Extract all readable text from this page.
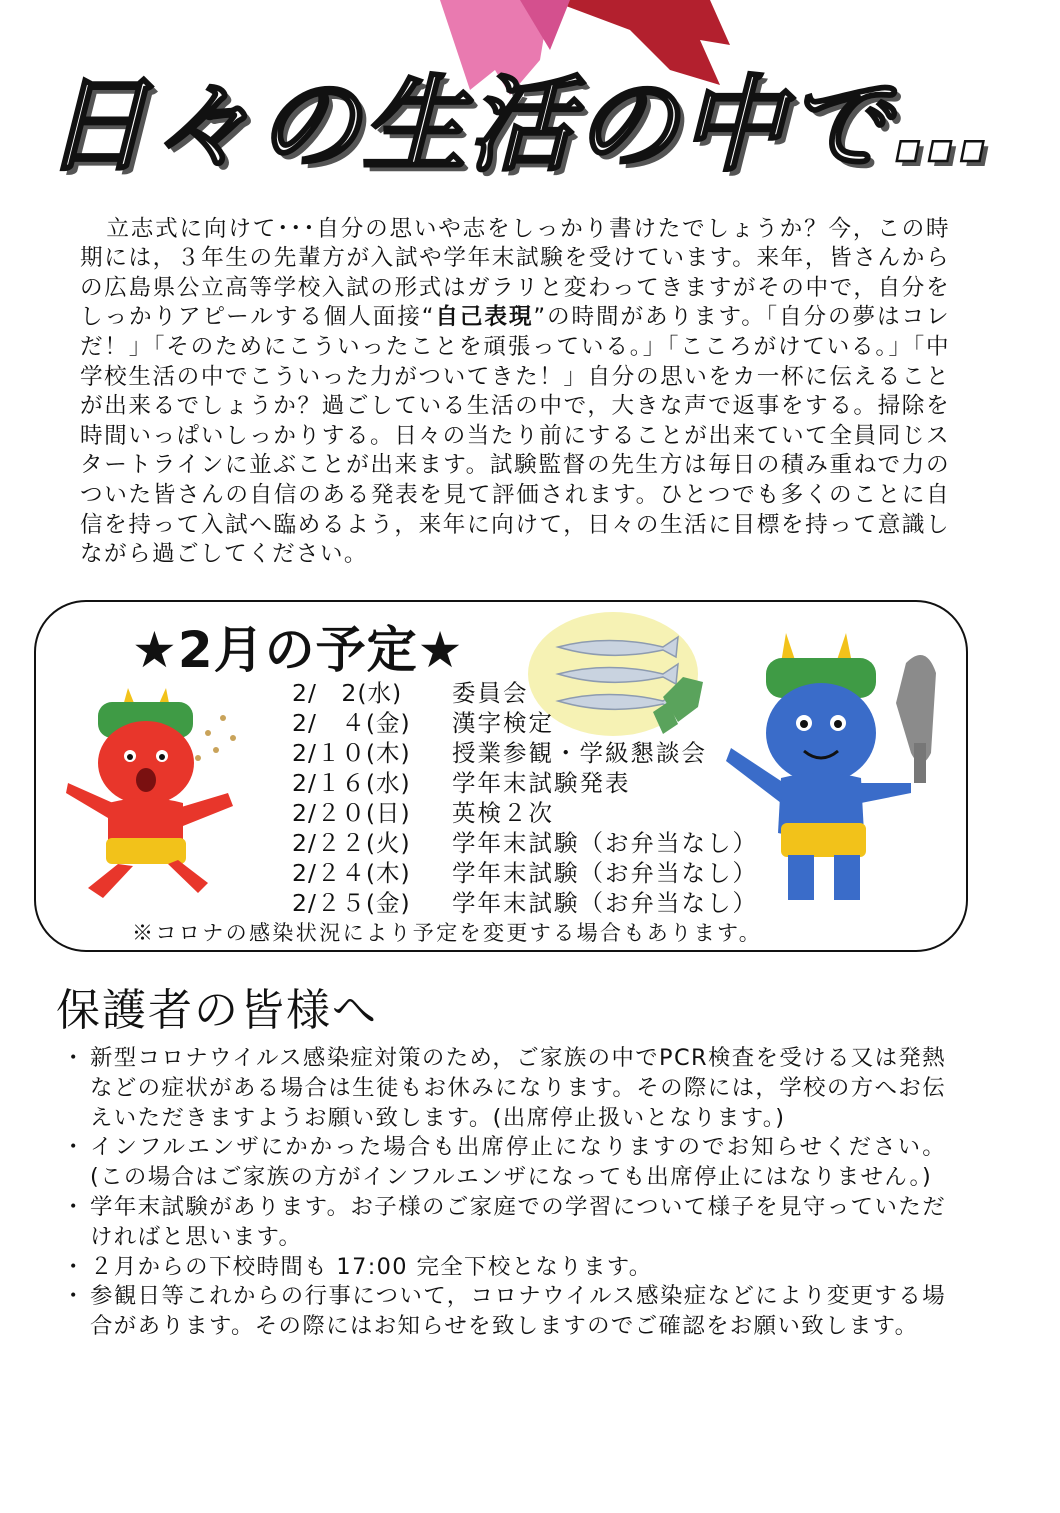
日々の生活の中で…

立志式に向けて･･･自分の思いや志をしっかり書けたでしょうか？今，この時期には，３年生の先輩方が入試や学年末試験を受けています。来年，皆さんからの広島県公立高等学校入試の形式はガラリと変わってきますがその中で，自分をしっかりアピールする個人面接“自己表現”の時間があります。「自分の夢はコレだ！」「そのためにこういったことを頑張っている。」「こころがけている。」「中学校生活の中でこういった力がついてきた！」自分の思いをカ一杯に伝えることが出来るでしょうか？過ごしている生活の中で，大きな声で返事をする。掃除を時間いっぱいしっかりする。日々の当たり前にすることが出来ていて全員同じスタートラインに並ぶことが出来ます。試験監督の先生方は毎日の積み重ねで力のついた皆さんの自信のある発表を見て評価されます。ひとつでも多くのことに自信を持って入試へ臨めるよう，来年に向けて，日々の生活に目標を持って意識しながら過ごしてください。

★2月の予定★
2/　2(水) 委員会
2/　４(金) 漢字検定
2/１０(木) 授業参観・学級懇談会
2/１６(水) 学年末試験発表
2/２０(日) 英検２次
2/２２(火) 学年末試験（お弁当なし）
2/２４(木) 学年末試験（お弁当なし）
2/２５(金) 学年末試験（お弁当なし）
※コロナの感染状況により予定を変更する場合もあります。
保護者の皆様へ
・ 新型コロナウイルス感染症対策のため，ご家族の中でPCR検査を受ける又は発熱などの症状がある場合は生徒もお休みになります。その際には，学校の方へお伝えいただきますようお願い致します。(出席停止扱いとなります。)
・ インフルエンザにかかった場合も出席停止になりますのでお知らせください。(この場合はご家族の方がインフルエンザになっても出席停止にはなりません。)
・ 学年末試験があります。お子様のご家庭での学習について様子を見守っていただければと思います。
・ ２月からの下校時間も 17:00 完全下校となります。
・ 参観日等これからの行事について，コロナウイルス感染症などにより変更する場合があります。その際にはお知らせを致しますのでご確認をお願い致します。
